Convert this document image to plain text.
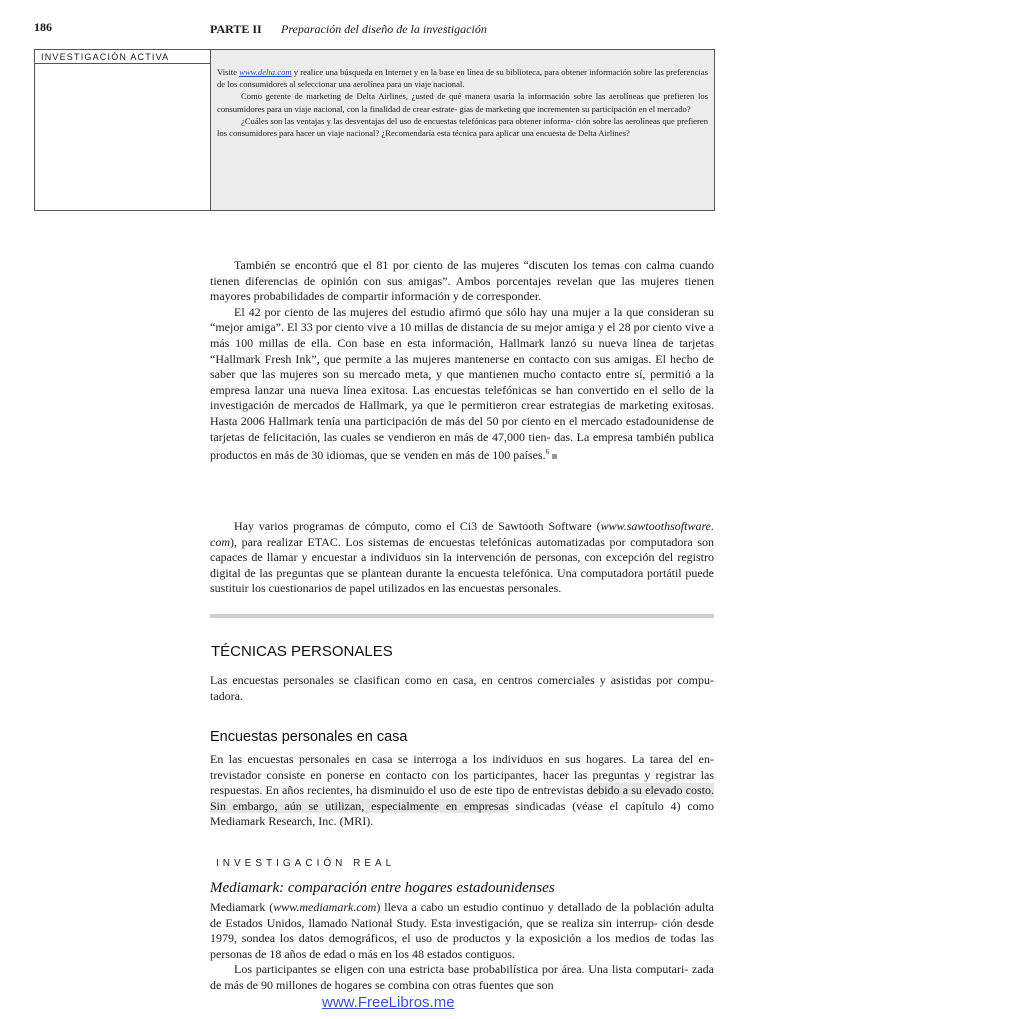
186	PARTE II Preparación del diseño de la investigación
INVESTIGACIÓN ACTIVA

Visite www.delta.com y realice una búsqueda en Internet y en la base en línea de su biblioteca, para obtener información sobre las preferencias de los consumidores al seleccionar una aerolínea para un viaje nacional.

Como gerente de marketing de Delta Airlines, ¿usted de qué manera usaría la información sobre las aerolíneas que prefieren los consumidores para un viaje nacional, con la finalidad de crear estrate- gias de marketing que incrementen su participación en el mercado?

¿Cuáles son las ventajas y las desventajas del uso de encuestas telefónicas para obtener informa- ción sobre las aerolíneas que prefieren los consumidores para hacer un viaje nacional? ¿Recomendaría esta técnica para aplicar una encuesta de Delta Airlines?

También se encontró que el 81 por ciento de las mujeres “discuten los temas con calma cuando tienen diferencias de opinión con sus amigas”. Ambos porcentajes revelan que las mujeres tienen mayores probabilidades de compartir información y de corresponder.

El 42 por ciento de las mujeres del estudio afirmó que sólo hay una mujer a la que consideran su “mejor amiga”. El 33 por ciento vive a 10 millas de distancia de su mejor amiga y el 28 por ciento vive a más 100 millas de ella. Con base en esta información, Hallmark lanzó su nueva línea de tarjetas “Hallmark Fresh Ink”, que permite a las mujeres mantenerse en contacto con sus amigas. El hecho de saber que las mujeres son su mercado meta, y que mantienen mucho contacto entre sí, permitió a la empresa lanzar una nueva línea exitosa. Las encuestas telefónicas se han convertido en el sello de la investigación de mercados de Hallmark, ya que le permitieron crear estrategias de marketing exitosas. Hasta 2006 Hallmark tenía una participación de más del 50 por ciento en el mercado estadounidense de tarjetas de felicitación, las cuales se vendieron en más de 47,000 tien- das. La empresa también publica productos en más de 30 idiomas, que se venden en más de 100 países.$^6$

Hay varios programas de cómputo, como el Ci3 de Sawtooth Software (www.sawtoothsoftware. com), para realizar ETAC. Los sistemas de encuestas telefónicas automatizadas por computadora son capaces de llamar y encuestar a individuos sin la intervención de personas, con excepción del registro digital de las preguntas que se plantean durante la encuesta telefónica. Una computadora portátil puede sustituir los cuestionarios de papel utilizados en las encuestas personales.

TÉCNICAS PERSONALES

Las encuestas personales se clasifican como en casa, en centros comerciales y asistidas por compu- tadora.

Encuestas personales en casa

En las encuestas personales en casa se interroga a los individuos en sus hogares. La tarea del en- trevistador consiste en ponerse en contacto con los participantes, hacer las preguntas y registrar las respuestas. En años recientes, ha disminuido el uso de este tipo de entrevistas debido a su elevado costo. Sin embargo, aún se utilizan, especialmente en empresas sindicadas (véase el capítulo 4) como Mediamark Research, Inc. (MRI).

INVESTIGACIÓN REAL
Mediamark: comparación entre hogares estadounidenses

Mediamark (www.mediamark.com) lleva a cabo un estudio continuo y detallado de la población adulta de Estados Unidos, llamado National Study. Esta investigación, que se realiza sin interrup- ción desde 1979, sondea los datos demográficos, el uso de productos y la exposición a los medios de todas las personas de 18 años de edad o más en los 48 estados contiguos.

Los participantes se eligen con una estricta base probabilística por área. Una lista computari- zada de más de 90 millones de hogares se combina con otras fuentes que son

www.FreeLibros.me
